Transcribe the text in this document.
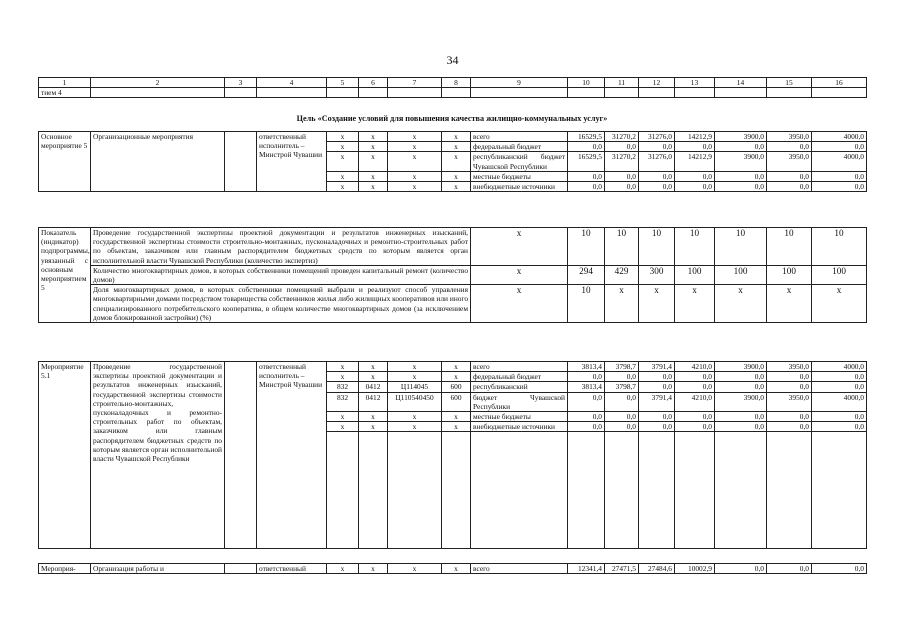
34
1	2	3	4	5	6	7	8	9	10	11	12	13	14	15	16
тием 4															
Цель «Создание условий для повышения качества жилищно-коммунальных услуг»
Основное мероприятие 5	Организационные мероприятия		ответственный исполнитель – Минстрой Чувашии	x	x	x	x	всего	16529,5	31270,2	31276,0	14212,9	3900,0	3950,0	4000,0
				x	x	x	x	федеральный бюджет	0,0	0,0	0,0	0,0	0,0	0,0	0,0
				x	x	x	x	республиканский бюджет Чувашской Республики	16529,5	31270,2	31276,0	14212,9	3900,0	3950,0	4000,0
				x	x	x	x	местные бюджеты	0,0	0,0	0,0	0,0	0,0	0,0	0,0
				x	x	x	x	внебюджетные источники	0,0	0,0	0,0	0,0	0,0	0,0	0,0
Показатель (индикатор) подпрограммы, увязанный с основным мероприятием 5	Проведение государственной экспертизы проектной документации и результатов инженерных изысканий, государственной экспертизы стоимости строительно-монтажных, пусконаладочных и ремонтно-строительных работ по объектам, заказчиком или главным распорядителем бюджетных средств по которым является орган исполнительной власти Чувашской Республики (количество экспертиз)	x	10	10	10	10	10	10	10
	Количество многоквартирных домов, в которых собственники помещений проведен капитальный ремонт (количество домов)	x	294	429	300	100	100	100	100
	Доля многоквартирных домов, в которых собственники помещений выбрали и реализуют способ управления многоквартирными домами посредством товарищества собственников жилья либо жилищных кооперативов или иного специализированного потребительского кооператива, в общем количестве многоквартирных домов (за исключением домов блокированной застройки) (%)	x	10	x	x	x	x	x	x
Мероприятие 5.1	Проведение государственной экспертизы проектной документации и результатов инженерных изысканий, государственной экспертизы стоимости строительно-монтажных, пусконаладочных и ремонтно-строительных работ по объектам, заказчиком или главным распорядителем бюджетных средств по которым является орган исполнительной власти Чувашской Республики		ответственный исполнитель – Минстрой Чувашии	x	x	x	x	всего	3813,4	3798,7	3791,4	4210,0	3900,0	3950,0	4000,0
				x	x	x	x	федеральный бюджет	0,0	0,0	0,0	0,0	0,0	0,0	0,0
				832	0412	Ц114045	600	республиканский	3813,4	3798,7	0,0	0,0	0,0	0,0	0,0
				832	0412	Ц110540450	600	бюджет Чувашской Республики	0,0	0,0	3791,4	4210,0	3900,0	3950,0	4000,0
				x	x	x	x	местные бюджеты	0,0	0,0	0,0	0,0	0,0	0,0	0,0
				x	x	x	x	внебюджетные источники	0,0	0,0	0,0	0,0	0,0	0,0	0,0

Мероприя-	Организация работы и		ответственный	x	x	x	x	всего	12341,4	27471,5	27484,6	10002,9	0,0	0,0	0,0
